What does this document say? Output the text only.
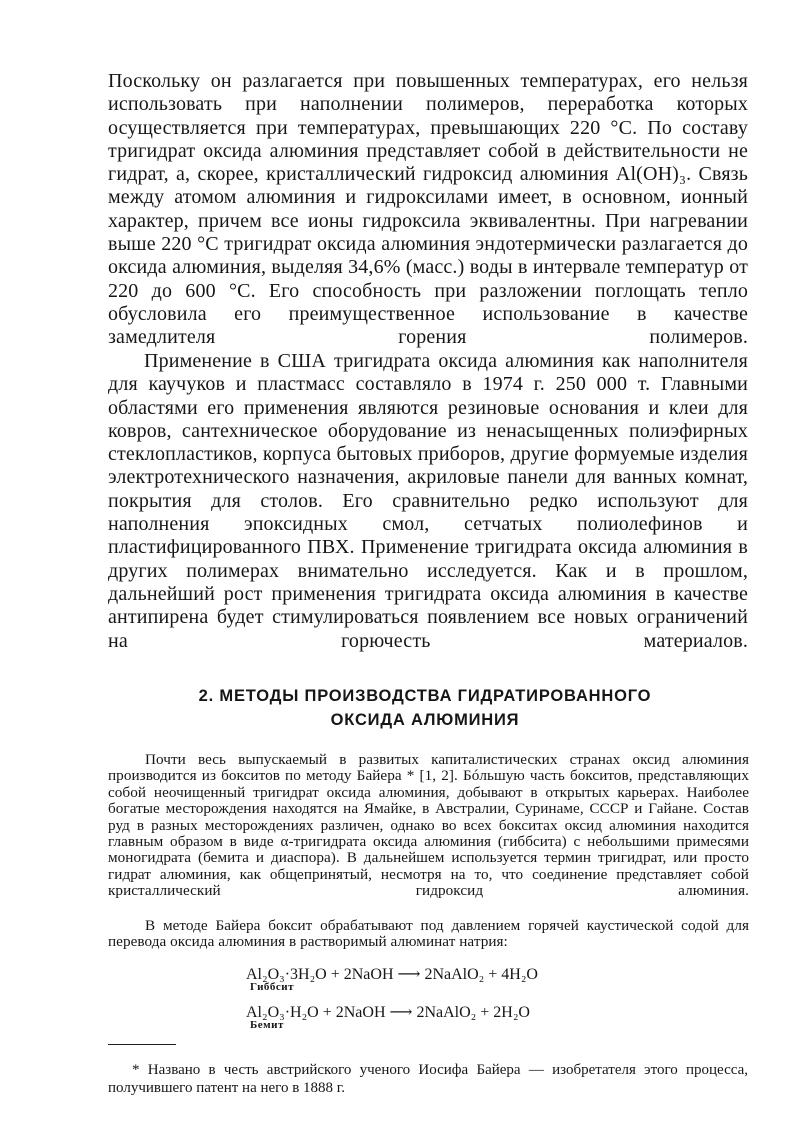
Поскольку он разлагается при повышенных температурах, его нельзя использовать при наполнении полимеров, переработка которых осуществляется при температурах, превышающих 220 °С. По составу тригидрат оксида алюминия представляет собой в действительности не гидрат, а, скорее, кристаллический гидроксид алюминия Al(OH)₃. Связь между атомом алюминия и гидроксилами имеет, в основном, ионный характер, причем все ионы гидроксила эквивалентны. При нагревании выше 220 °С тригидрат оксида алюминия эндотермически разлагается до оксида алюминия, выделяя 34,6% (масс.) воды в интервале температур от 220 до 600 °С. Его способность при разложении поглощать тепло обусловила его преимущественное использование в качестве замедлителя горения полимеров.

Применение в США тригидрата оксида алюминия как наполнителя для каучуков и пластмасс составляло в 1974 г. 250 000 т. Главными областями его применения являются резиновые основания и клеи для ковров, сантехническое оборудование из ненасыщенных полиэфирных стеклопластиков, корпуса бытовых приборов, другие формуемые изделия электротехнического назначения, акриловые панели для ванных комнат, покрытия для столов. Его сравнительно редко используют для наполнения эпоксидных смол, сетчатых полиолефинов и пластифицированного ПВХ. Применение тригидрата оксида алюминия в других полимерах внимательно исследуется. Как и в прошлом, дальнейший рост применения тригидрата оксида алюминия в качестве антипирена будет стимулироваться появлением все новых ограничений на горючесть материалов.

2. МЕТОДЫ ПРОИЗВОДСТВА ГИДРАТИРОВАННОГО

ОКСИДА АЛЮМИНИЯ

Почти весь выпускаемый в развитых капиталистических странах оксид алюминия производится из бокситов по методу Байера * [1, 2]. Бóльшую часть бокситов, представляющих собой неочищенный тригидрат оксида алюминия, добывают в открытых карьерах. Наиболее богатые месторождения находятся на Ямайке, в Австралии, Суринаме, СССР и Гайане. Состав руд в разных месторождениях различен, однако во всех бокситах оксид алюминия находится главным образом в виде α-тригидрата оксида алюминия (гиббсита) с небольшими примесями моногидрата (бемита и диаспора). В дальнейшем используется термин тригидрат, или просто гидрат алюминия, как общепринятый, несмотря на то, что соединение представляет собой кристаллический гидроксид алюминия.

В методе Байера боксит обрабатывают под давлением горячей каустической содой для перевода оксида алюминия в растворимый алюминат натрия:

Al₂O₃·3H₂O + 2NaOH ⟶ 2NaAlO₂ + 4H₂O
Гиббсит
Al₂O₃·H₂O + 2NaOH ⟶ 2NaAlO₂ + 2H₂O
Бемит

* Названо в честь австрийского ученого Иосифа Байера — изобретателя этого процесса, получившего патент на него в 1888 г.
